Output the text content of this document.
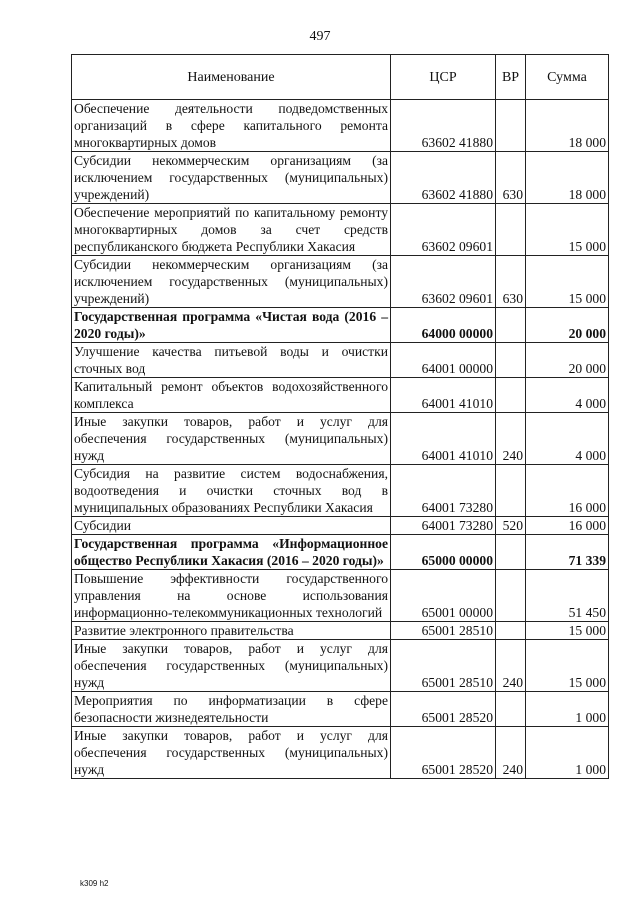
497
Наименование	ЦСР	ВР	Сумма
Обеспечение деятельности подведомственных организаций в сфере капитального ремонта многоквартирных домов	63602 41880		18 000
Субсидии некоммерческим организациям (за исключением государственных (муниципальных) учреждений)	63602 41880	630	18 000
Обеспечение мероприятий по капитальному ремонту многоквартирных домов за счет средств республиканского бюджета Республики Хакасия	63602 09601		15 000
Субсидии некоммерческим организациям (за исключением государственных (муниципальных) учреждений)	63602 09601	630	15 000
Государственная программа «Чистая вода (2016 – 2020 годы)»	64000 00000		20 000
Улучшение качества питьевой воды и очистки сточных вод	64001 00000		20 000
Капитальный ремонт объектов водохозяйственного комплекса	64001 41010		4 000
Иные закупки товаров, работ и услуг для обеспечения государственных (муниципальных) нужд	64001 41010	240	4 000
Субсидия на развитие систем водоснабжения, водоотведения и очистки сточных вод в муниципальных образованиях Республики Хакасия	64001 73280		16 000
Субсидии	64001 73280	520	16 000
Государственная программа «Информационное общество Республики Хакасия (2016 – 2020 годы)»	65000 00000		71 339
Повышение эффективности государственного управления на основе использования информационно-телекоммуникационных технологий	65001 00000		51 450
Развитие электронного правительства	65001 28510		15 000
Иные закупки товаров, работ и услуг для обеспечения государственных (муниципальных) нужд	65001 28510	240	15 000
Мероприятия по информатизации в сфере безопасности жизнедеятельности	65001 28520		1 000
Иные закупки товаров, работ и услуг для обеспечения государственных (муниципальных) нужд	65001 28520	240	1 000
k309 h2
